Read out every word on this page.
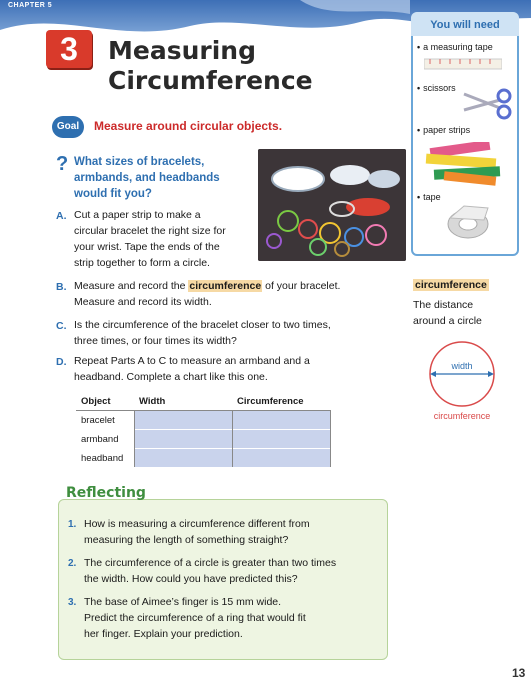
CHAPTER 5
3	Measuring
Circumference
You will need
• a measuring tape
• scissors
• paper strips
• tape
Goal	Measure around circular objects.
? What sizes of bracelets,
armbands, and headbands
would fit you?
A. Cut a paper strip to make a
circular bracelet the right size for
your wrist. Tape the ends of the
strip together to form a circle.
B. Measure and record the circumference of your bracelet.
Measure and record its width.
C. Is the circumference of the bracelet closer to two times,
three times, or four times its width?
D. Repeat Parts A to C to measure an armband and a
headband. Complete a chart like this one.
Object	Width	Circumference
bracelet		
armband		
headband		
circumference
The distance
around a circle
width
circumference
Reflecting
1. How is measuring a circumference different from
measuring the length of something straight?
2. The circumference of a circle is greater than two times
the width. How could you have predicted this?
3. The base of Aimee’s finger is 15 mm wide.
Predict the circumference of a ring that would fit
her finger. Explain your prediction.
13
